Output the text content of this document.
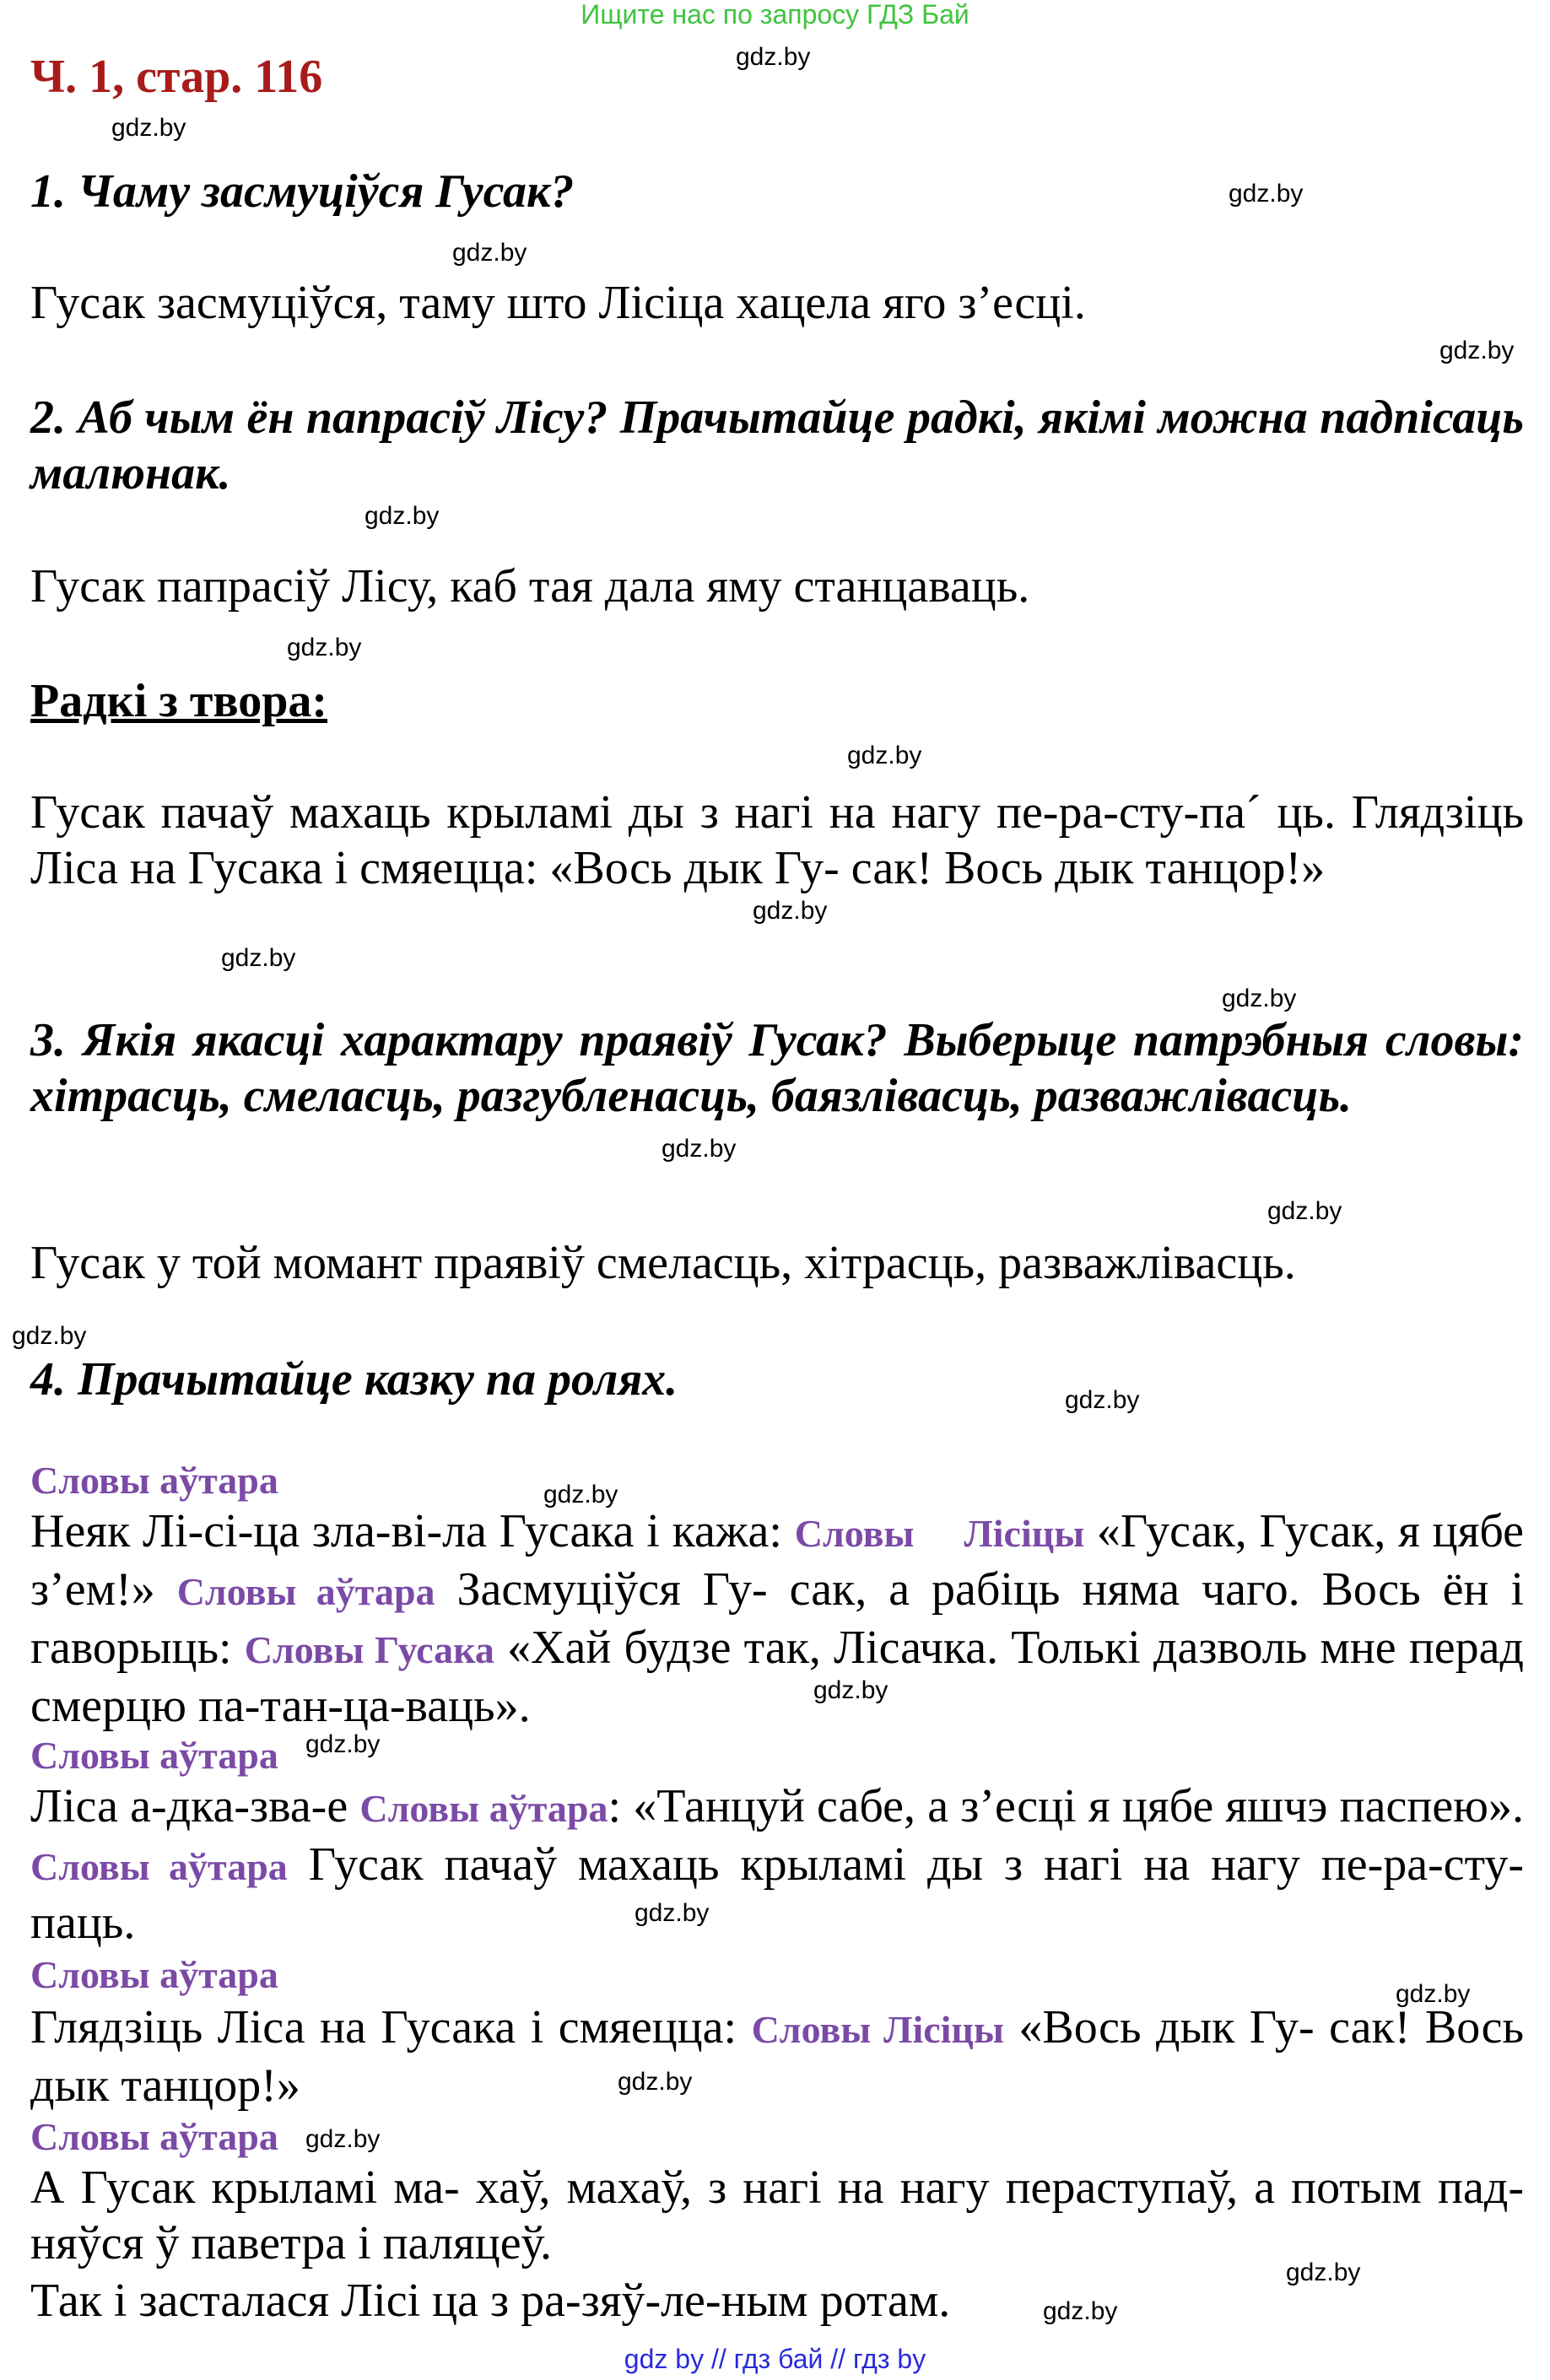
Ищите нас по запросу ГДЗ Бай
Ч. 1, стар. 116

1. Чаму засмуціўся Гусак?

Гусак засмуціўся, таму што Лісіца хацела яго з’есці.

2. Аб чым ён папрасіў Лісу? Прачытайце радкі, якімі можна падпісаць малюнак.

Гусак папрасіў Лісу, каб тая дала яму станцаваць.

Радкі з твора:

Гусак пачаў махаць крыламі ды з нагі на нагу пе-ра-сту-па´ ць. Глядзіць Ліса на Гусака і смяецца: «Вось дык Гу- сак! Вось дык танцор!»

3. Якія якасці характару праявіў Гусак? Выберыце патрэбныя словы: хітрасць, смеласць, разгубленасць, баязлівасць, разважлівасць.

Гусак у той момант праявіў смеласць, хітрасць, разважлівасць.

4. Прачытайце казку па ролях.

Словы аўтара

Неяк Лі-сі-ца зла-ві-ла Гусака і кажа: Словы Лісіцы «Гусак, Гусак, я цябе з’ем!» Словы аўтара Засмуціўся Гу- сак, а рабіць няма чаго. Вось ён і гаворыць: Словы Гусака «Хай будзе так, Лісачка. Толькі дазволь мне перад смерцю па-тан-ца-ваць».

Словы аўтара

Ліса а-дка-зва-е Словы аўтара: «Танцуй сабе, а з’есці я цябе яшчэ паспею». Словы аўтара Гусак пачаў махаць крыламі ды з нагі на нагу пе-ра-сту-паць.

Словы аўтара

Глядзіць Ліса на Гусака і смяецца: Словы Лісіцы «Вось дык Гу- сак! Вось дык танцор!»

Словы аўтара

А Гусак крыламі ма- хаў, махаў, з нагі на нагу пераступаў, а потым пад- няўся ў паветра і паляцеў.

Так і засталася Лісі ца з ра-зяў-ле-ным ротам.

gdz.by
gdz.by
gdz.by
gdz.by
gdz.by
gdz.by
gdz.by
gdz.by
gdz.by
gdz.by
gdz.by
gdz.by
gdz.by
gdz.by
gdz.by
gdz.by
gdz.by
gdz.by
gdz.by
gdz.by
gdz.by
gdz.by
gdz.by
gdz.by
gdz by // гдз бай // гдз by
